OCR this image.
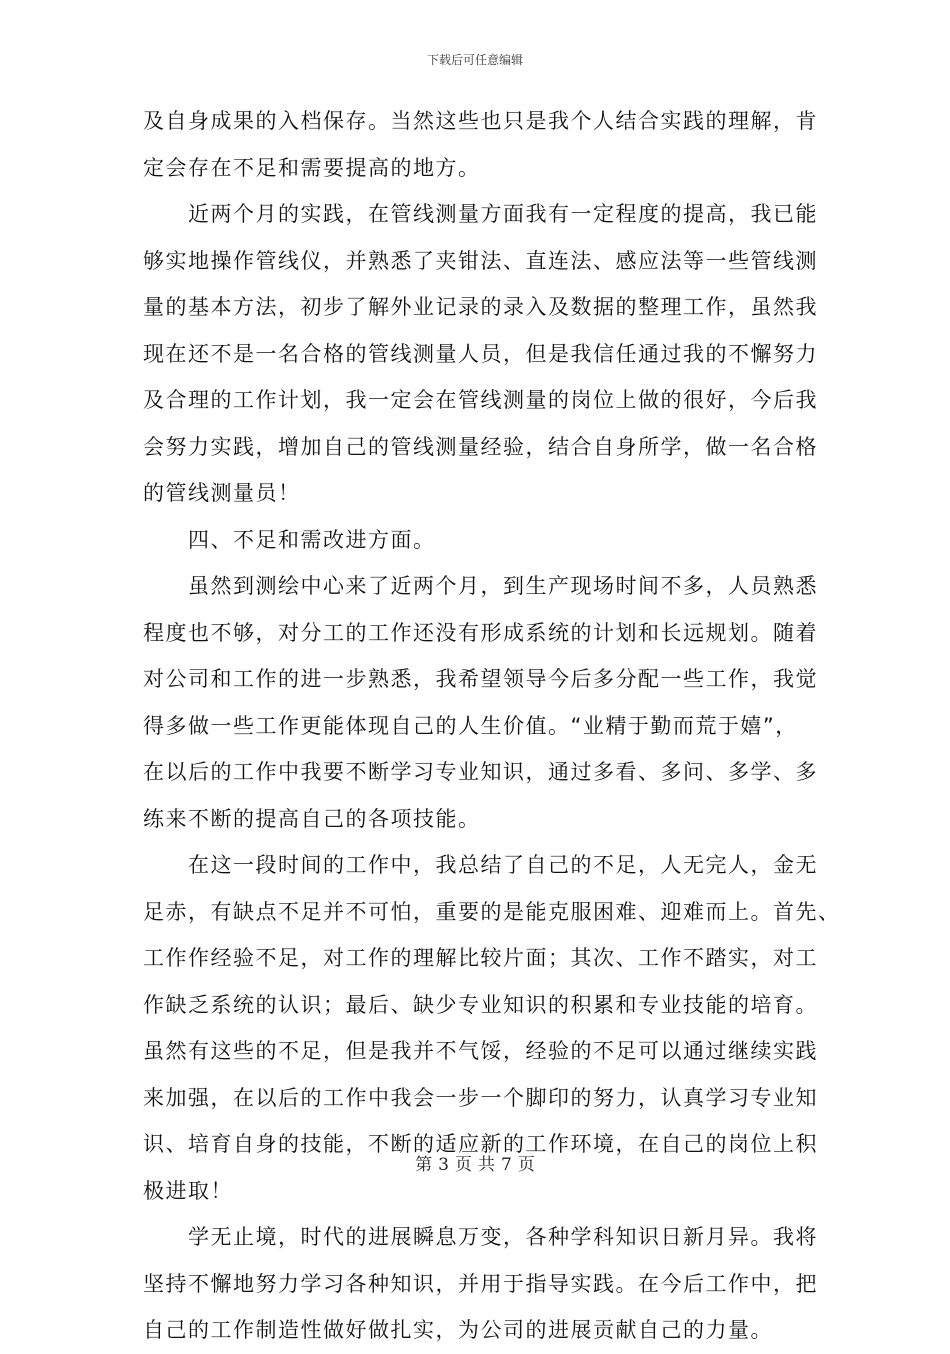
下载后可任意编辑
及自身成果的入档保存。当然这些也只是我个人结合实践的理解，肯
定会存在不足和需要提高的地方。
　　近两个月的实践，在管线测量方面我有一定程度的提高，我已能
够实地操作管线仪，并熟悉了夹钳法、直连法、感应法等一些管线测
量的基本方法，初步了解外业记录的录入及数据的整理工作，虽然我
现在还不是一名合格的管线测量人员，但是我信任通过我的不懈努力
及合理的工作计划，我一定会在管线测量的岗位上做的很好，今后我
会努力实践，增加自己的管线测量经验，结合自身所学，做一名合格
的管线测量员！
　　四、不足和需改进方面。
　　虽然到测绘中心来了近两个月，到生产现场时间不多，人员熟悉
程度也不够，对分工的工作还没有形成系统的计划和长远规划。随着
对公司和工作的进一步熟悉，我希望领导今后多分配一些工作，我觉
得多做一些工作更能体现自己的人生价值。“业精于勤而荒于嬉”，
在以后的工作中我要不断学习专业知识，通过多看、多问、多学、多
练来不断的提高自己的各项技能。
　　在这一段时间的工作中，我总结了自己的不足，人无完人，金无
足赤，有缺点不足并不可怕，重要的是能克服困难、迎难而上。首先、
工作作经验不足，对工作的理解比较片面；其次、工作不踏实，对工
作缺乏系统的认识；最后、缺少专业知识的积累和专业技能的培育。
虽然有这些的不足，但是我并不气馁，经验的不足可以通过继续实践
来加强，在以后的工作中我会一步一个脚印的努力，认真学习专业知
识、培育自身的技能，不断的适应新的工作环境，在自己的岗位上积
极进取！
　　学无止境，时代的进展瞬息万变，各种学科知识日新月异。我将
坚持不懈地努力学习各种知识，并用于指导实践。在今后工作中，把
自己的工作制造性做好做扎实，为公司的进展贡献自己的力量。
第 3 页 共 7 页
